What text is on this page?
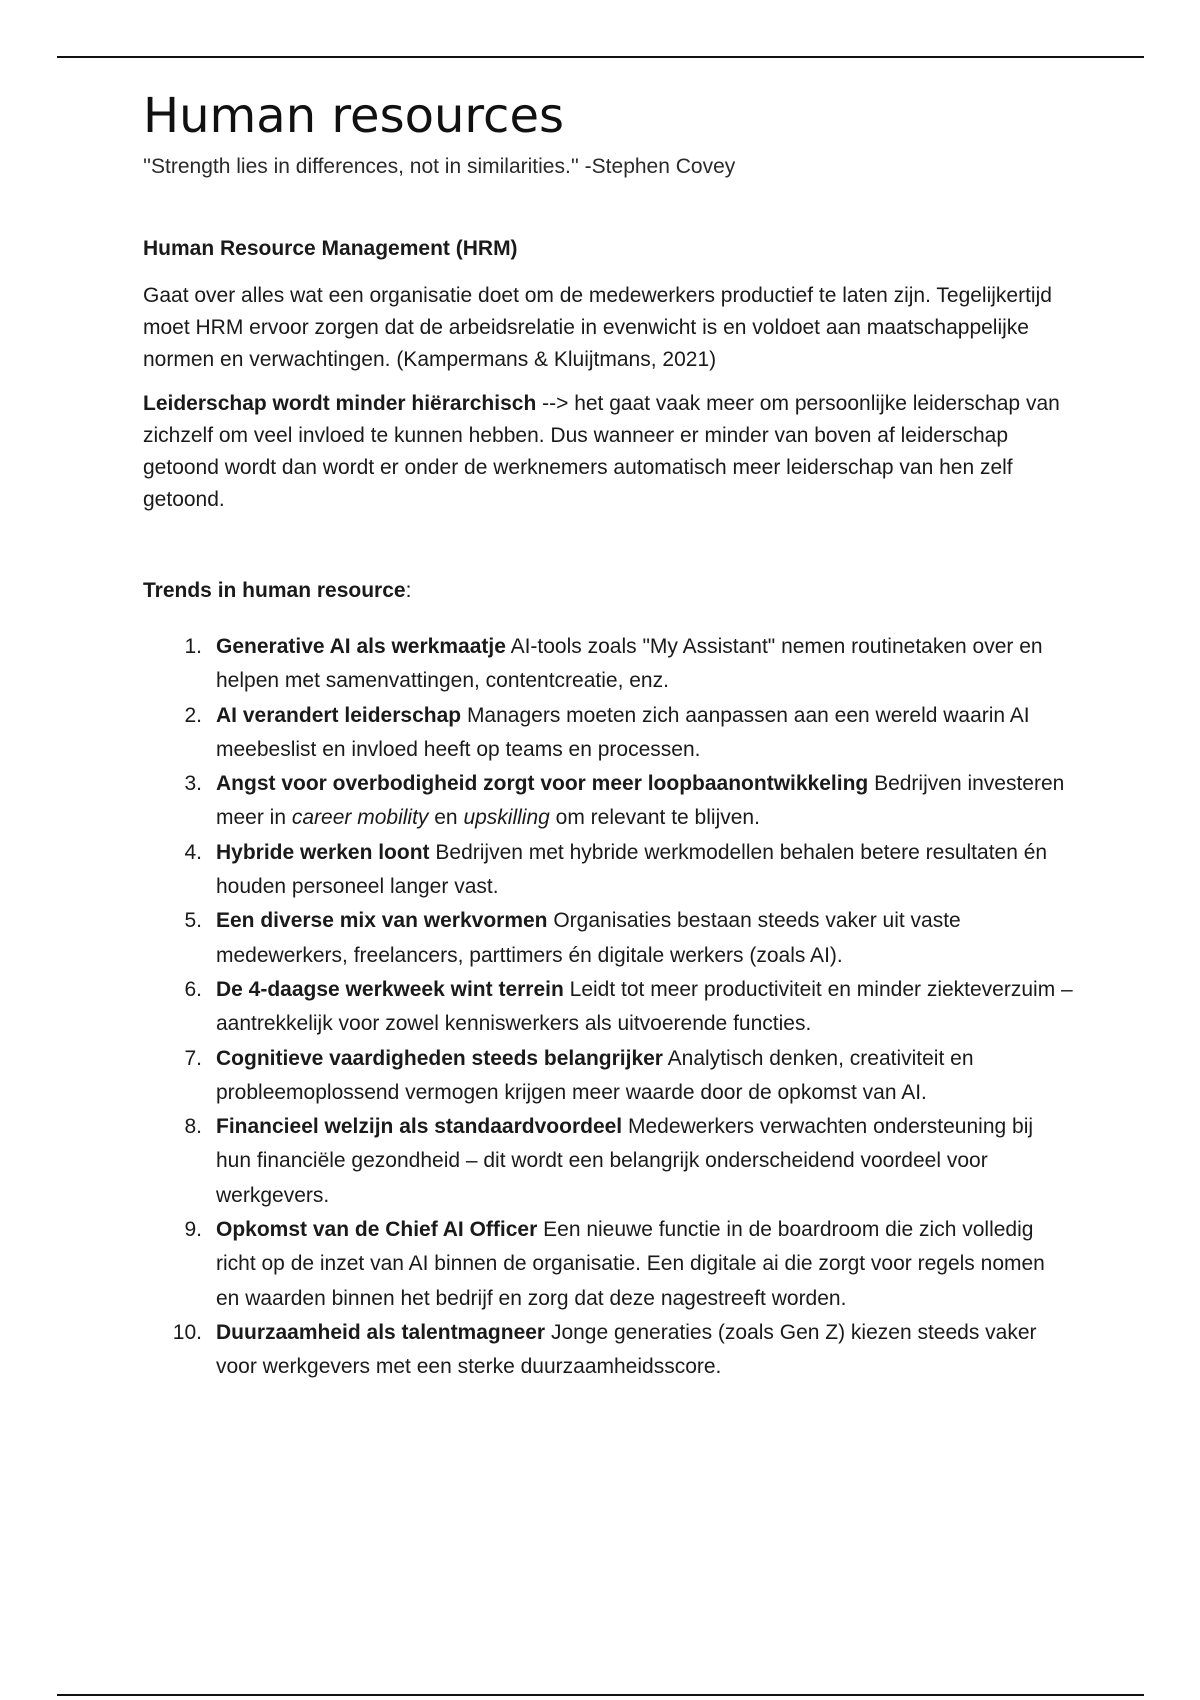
Human resources

''Strength lies in differences, not in similarities.'' -Stephen Covey

Human Resource Management (HRM)

Gaat over alles wat een organisatie doet om de medewerkers productief te laten zijn. Tegelijkertijd moet HRM ervoor zorgen dat de arbeidsrelatie in evenwicht is en voldoet aan maatschappelijke normen en verwachtingen. (Kampermans & Kluijtmans, 2021)

Leiderschap wordt minder hiërarchisch --> het gaat vaak meer om persoonlijke leiderschap van zichzelf om veel invloed te kunnen hebben. Dus wanneer er minder van boven af leiderschap getoond wordt dan wordt er onder de werknemers automatisch meer leiderschap van hen zelf getoond.

Trends in human resource:
1. Generative AI als werkmaatje AI-tools zoals "My Assistant" nemen routinetaken over en helpen met samenvattingen, contentcreatie, enz.
2. AI verandert leiderschap Managers moeten zich aanpassen aan een wereld waarin AI meebeslist en invloed heeft op teams en processen.
3. Angst voor overbodigheid zorgt voor meer loopbaanontwikkeling Bedrijven investeren meer in career mobility en upskilling om relevant te blijven.
4. Hybride werken loont Bedrijven met hybride werkmodellen behalen betere resultaten én houden personeel langer vast.
5. Een diverse mix van werkvormen Organisaties bestaan steeds vaker uit vaste medewerkers, freelancers, parttimers én digitale werkers (zoals AI).
6. De 4-daagse werkweek wint terrein Leidt tot meer productiviteit en minder ziekteverzuim – aantrekkelijk voor zowel kenniswerkers als uitvoerende functies.
7. Cognitieve vaardigheden steeds belangrijker Analytisch denken, creativiteit en probleemoplossend vermogen krijgen meer waarde door de opkomst van AI.
8. Financieel welzijn als standaardvoordeel Medewerkers verwachten ondersteuning bij hun financiële gezondheid – dit wordt een belangrijk onderscheidend voordeel voor werkgevers.
9. Opkomst van de Chief AI Officer Een nieuwe functie in de boardroom die zich volledig richt op de inzet van AI binnen de organisatie. Een digitale ai die zorgt voor regels nomen en waarden binnen het bedrijf en zorg dat deze nagestreeft worden.
10. Duurzaamheid als talentmagneer Jonge generaties (zoals Gen Z) kiezen steeds vaker voor werkgevers met een sterke duurzaamheidsscore.
